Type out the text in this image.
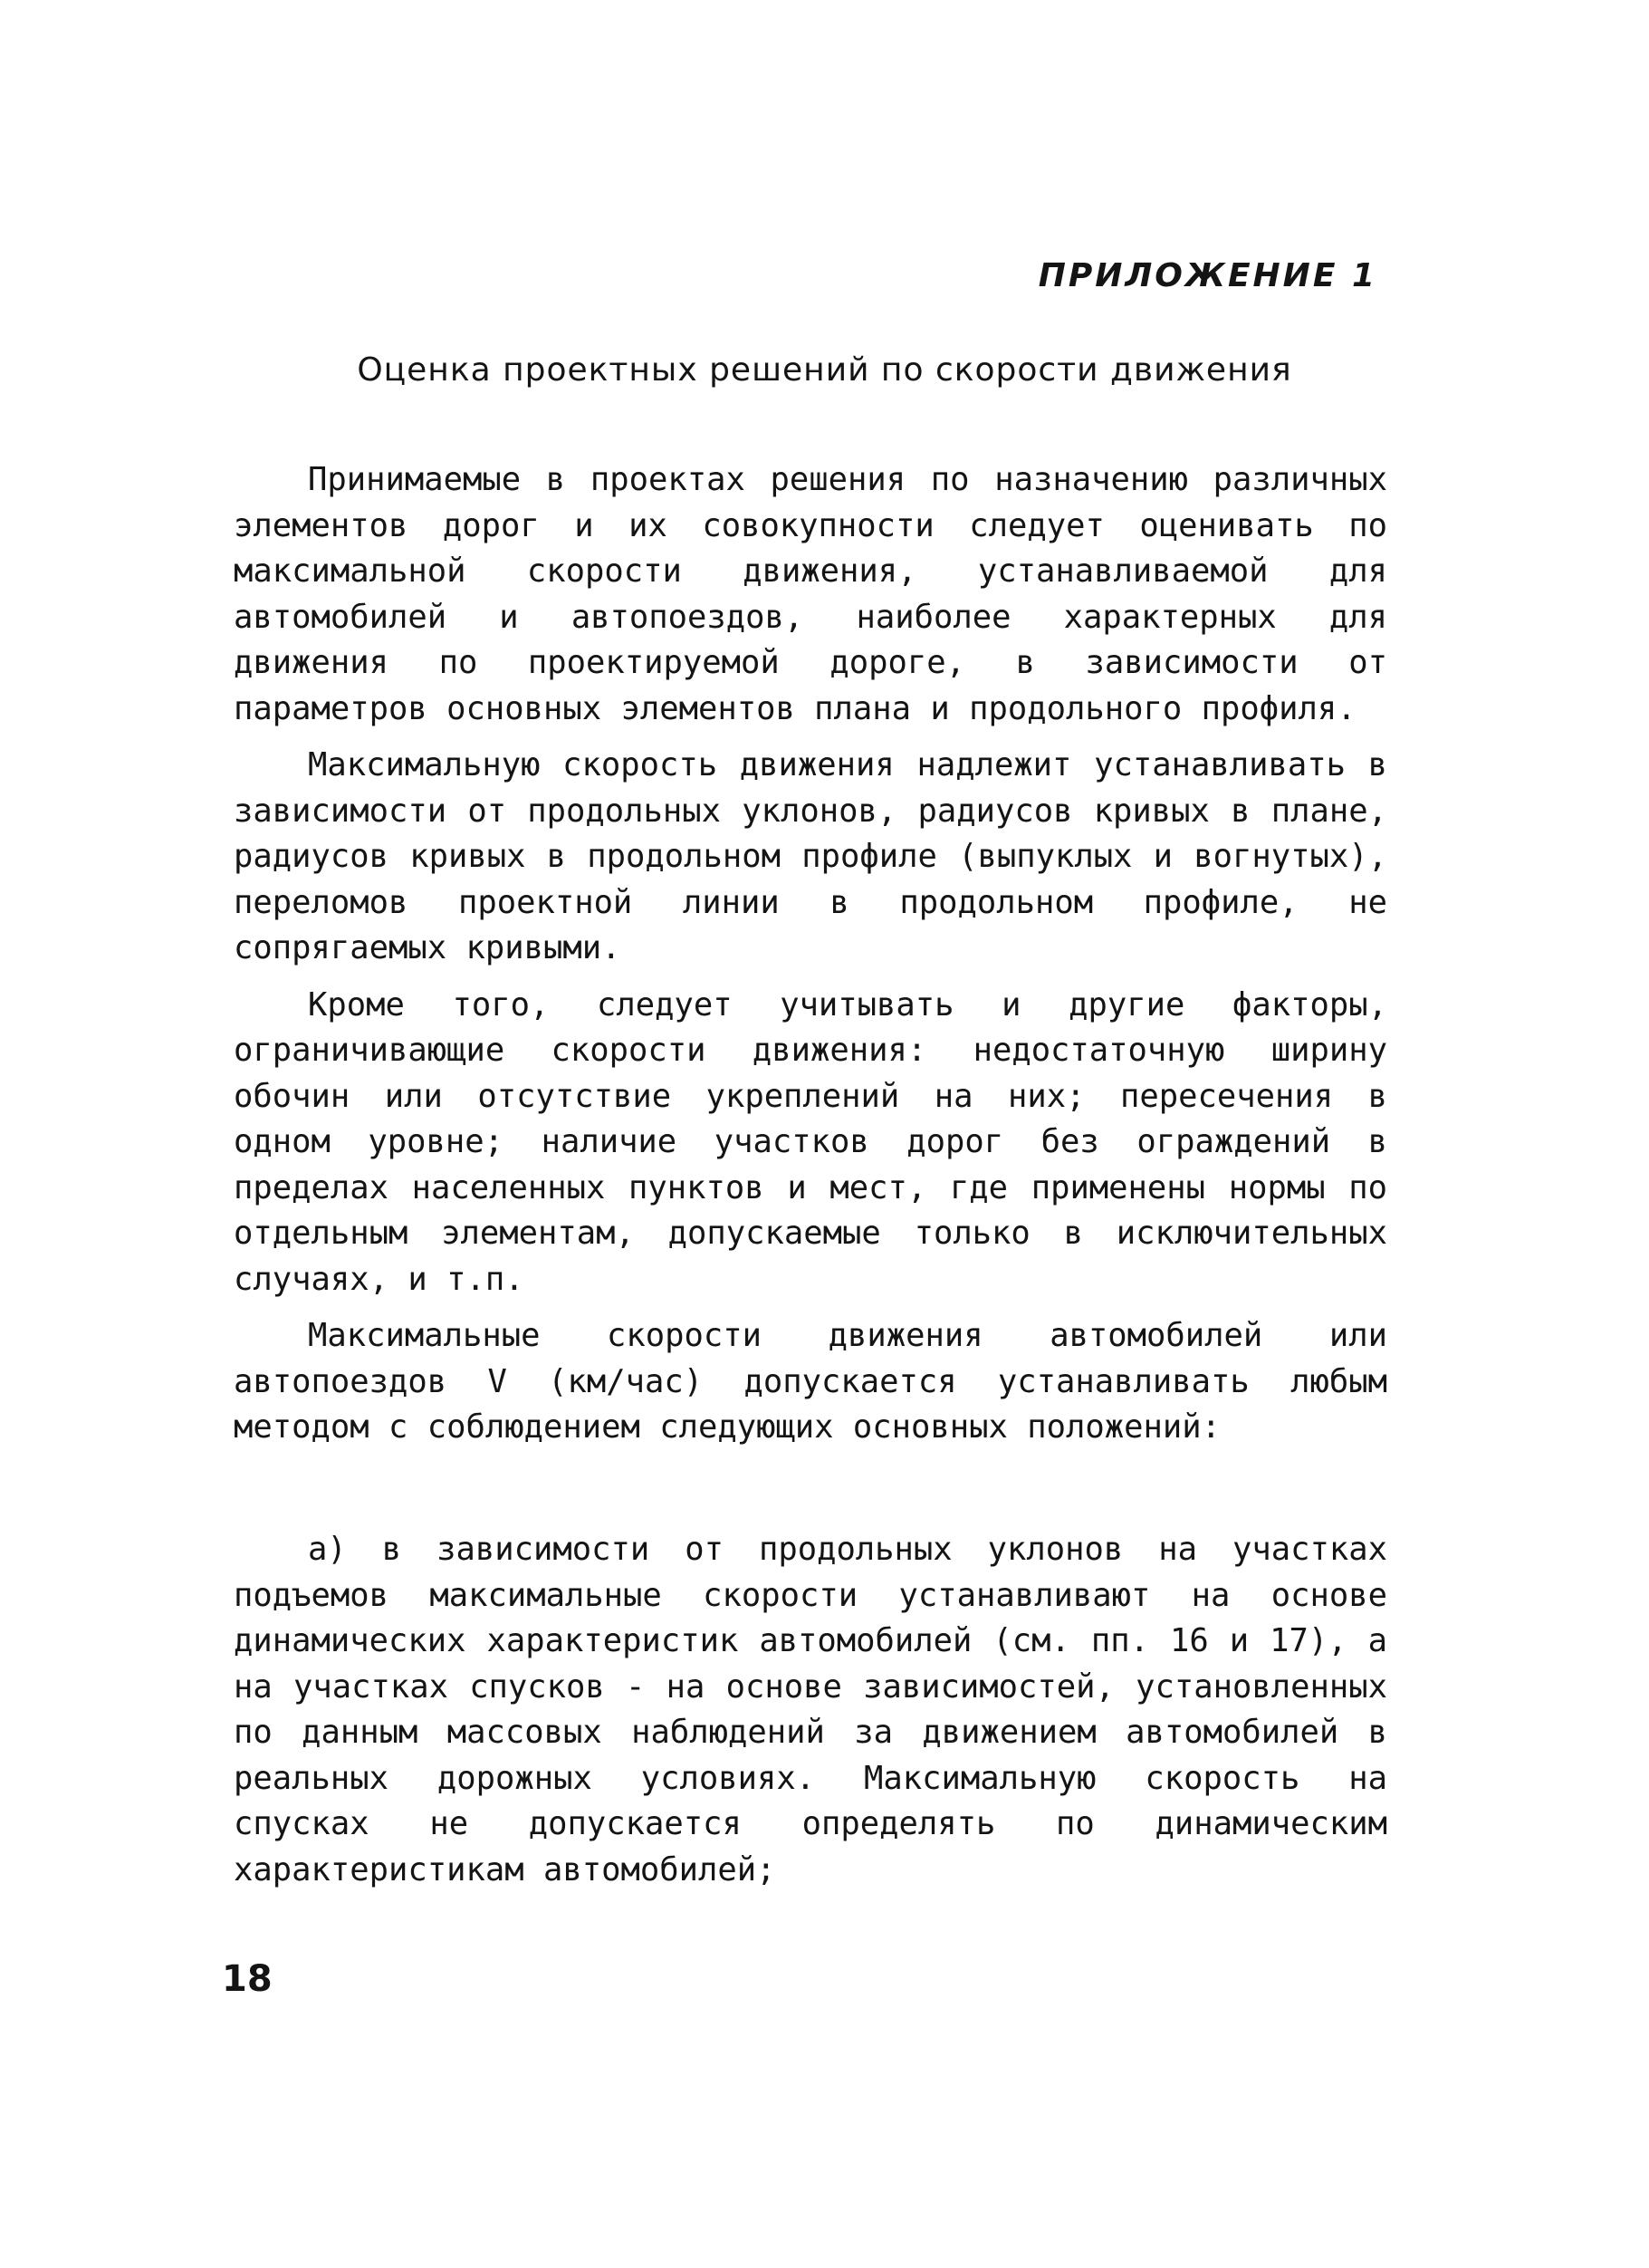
ПРИЛОЖЕНИЕ 1
Оценка проектных решений по скорости движения

Принимаемые в проектах решения по назначению различных элементов дорог и их совокупности следует оценивать по максимальной скорости движения, устанавливаемой для автомобилей и автопоездов, наиболее характерных для движения по проектируемой дороге, в зависимости от параметров основных элементов плана и продольного профиля.

Максимальную скорость движения надлежит устанавливать в зависимости от продольных уклонов, радиусов кривых в плане, радиусов кривых в продольном профиле (выпуклых и вогнутых), переломов проектной линии в продольном профиле, не сопрягаемых кривыми.

Кроме того, следует учитывать и другие факторы, ограничивающие скорости движения: недостаточную ширину обочин или отсутствие укреплений на них; пересечения в одном уровне; наличие участков дорог без ограждений в пределах населенных пунктов и мест, где применены нормы по отдельным элементам, допускаемые только в исключительных случаях, и т.п.

Максимальные скорости движения автомобилей или автопоездов V (км/час) допускается устанавливать любым методом с соблюдением следующих основных положений:

а) в зависимости от продольных уклонов на участках подъемов максимальные скорости устанавливают на основе динамических характеристик автомобилей (см. пп. 16 и 17), а на участках спусков - на основе зависимостей, установленных по данным массовых наблюдений за движением автомобилей в реальных дорожных условиях. Максимальную скорость на спусках не допускается определять по динамическим характеристикам автомобилей;

18
